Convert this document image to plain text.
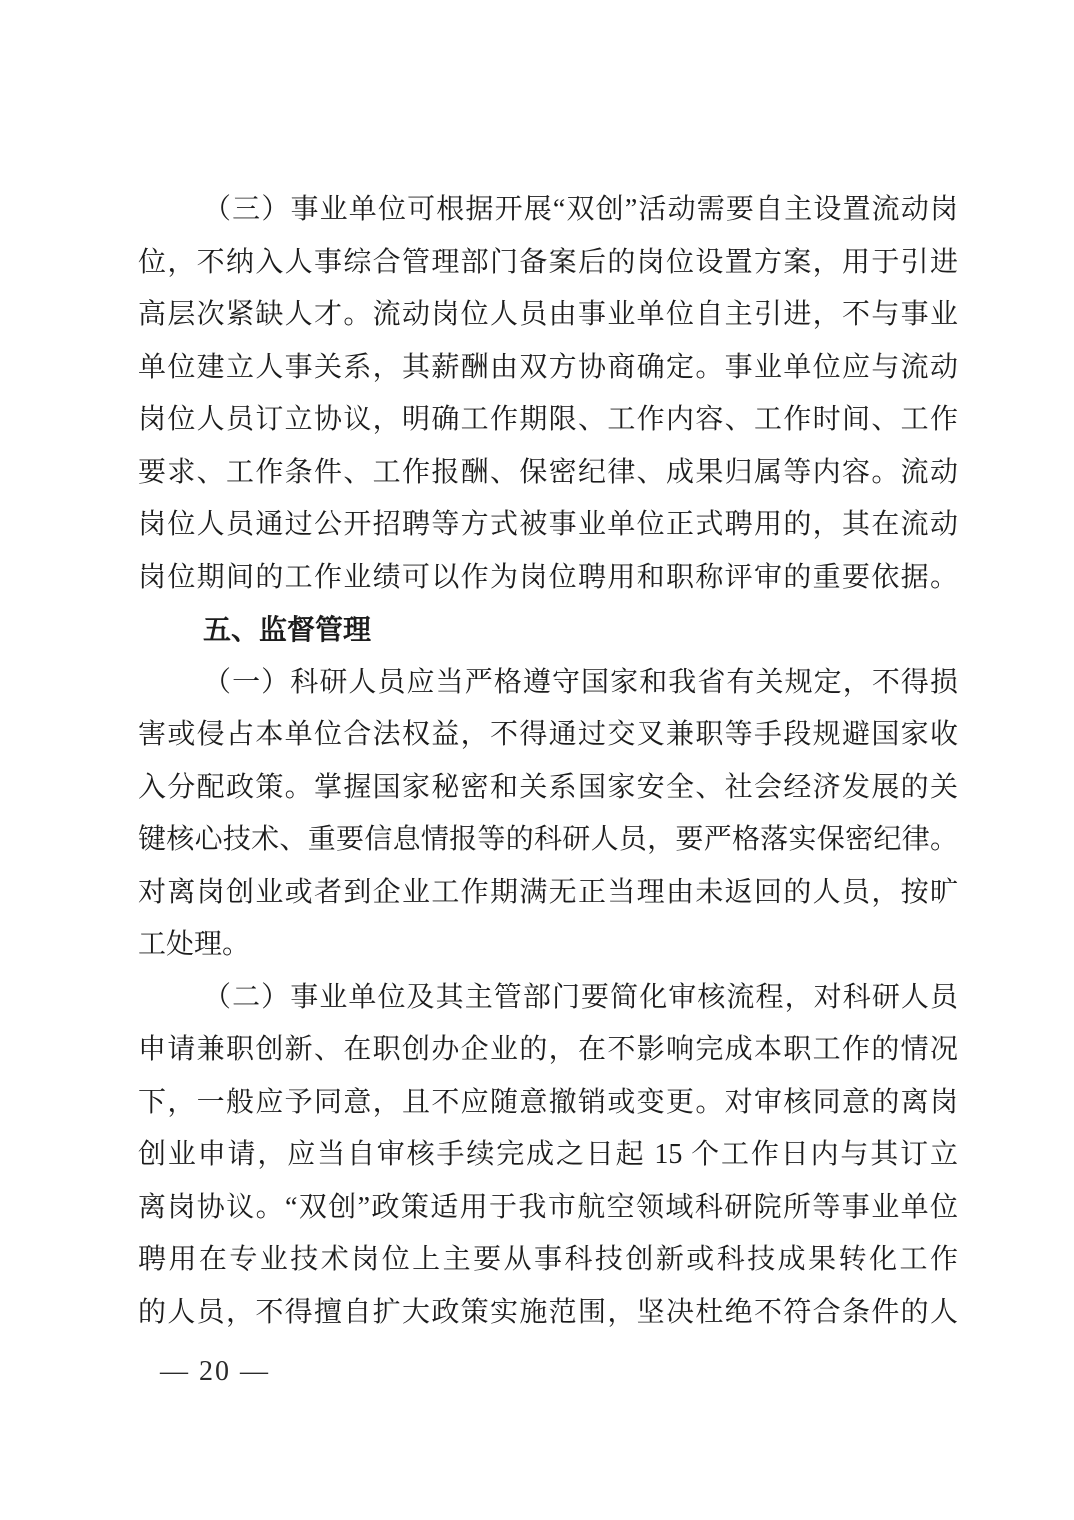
（三）事业单位可根据开展“双创”活动需要自主设置流动岗
位，不纳入人事综合管理部门备案后的岗位设置方案，用于引进
高层次紧缺人才。流动岗位人员由事业单位自主引进，不与事业
单位建立人事关系，其薪酬由双方协商确定。事业单位应与流动
岗位人员订立协议，明确工作期限、工作内容、工作时间、工作
要求、工作条件、工作报酬、保密纪律、成果归属等内容。流动
岗位人员通过公开招聘等方式被事业单位正式聘用的，其在流动
岗位期间的工作业绩可以作为岗位聘用和职称评审的重要依据。
五、监督管理
（一）科研人员应当严格遵守国家和我省有关规定，不得损
害或侵占本单位合法权益，不得通过交叉兼职等手段规避国家收
入分配政策。掌握国家秘密和关系国家安全、社会经济发展的关
键核心技术、重要信息情报等的科研人员，要严格落实保密纪律。
对离岗创业或者到企业工作期满无正当理由未返回的人员，按旷
工处理。
（二）事业单位及其主管部门要简化审核流程，对科研人员
申请兼职创新、在职创办企业的，在不影响完成本职工作的情况
下，一般应予同意，且不应随意撤销或变更。对审核同意的离岗
创业申请，应当自审核手续完成之日起 15 个工作日内与其订立
离岗协议。“双创”政策适用于我市航空领域科研院所等事业单位
聘用在专业技术岗位上主要从事科技创新或科技成果转化工作
的人员，不得擅自扩大政策实施范围，坚决杜绝不符合条件的人
— 20 —
